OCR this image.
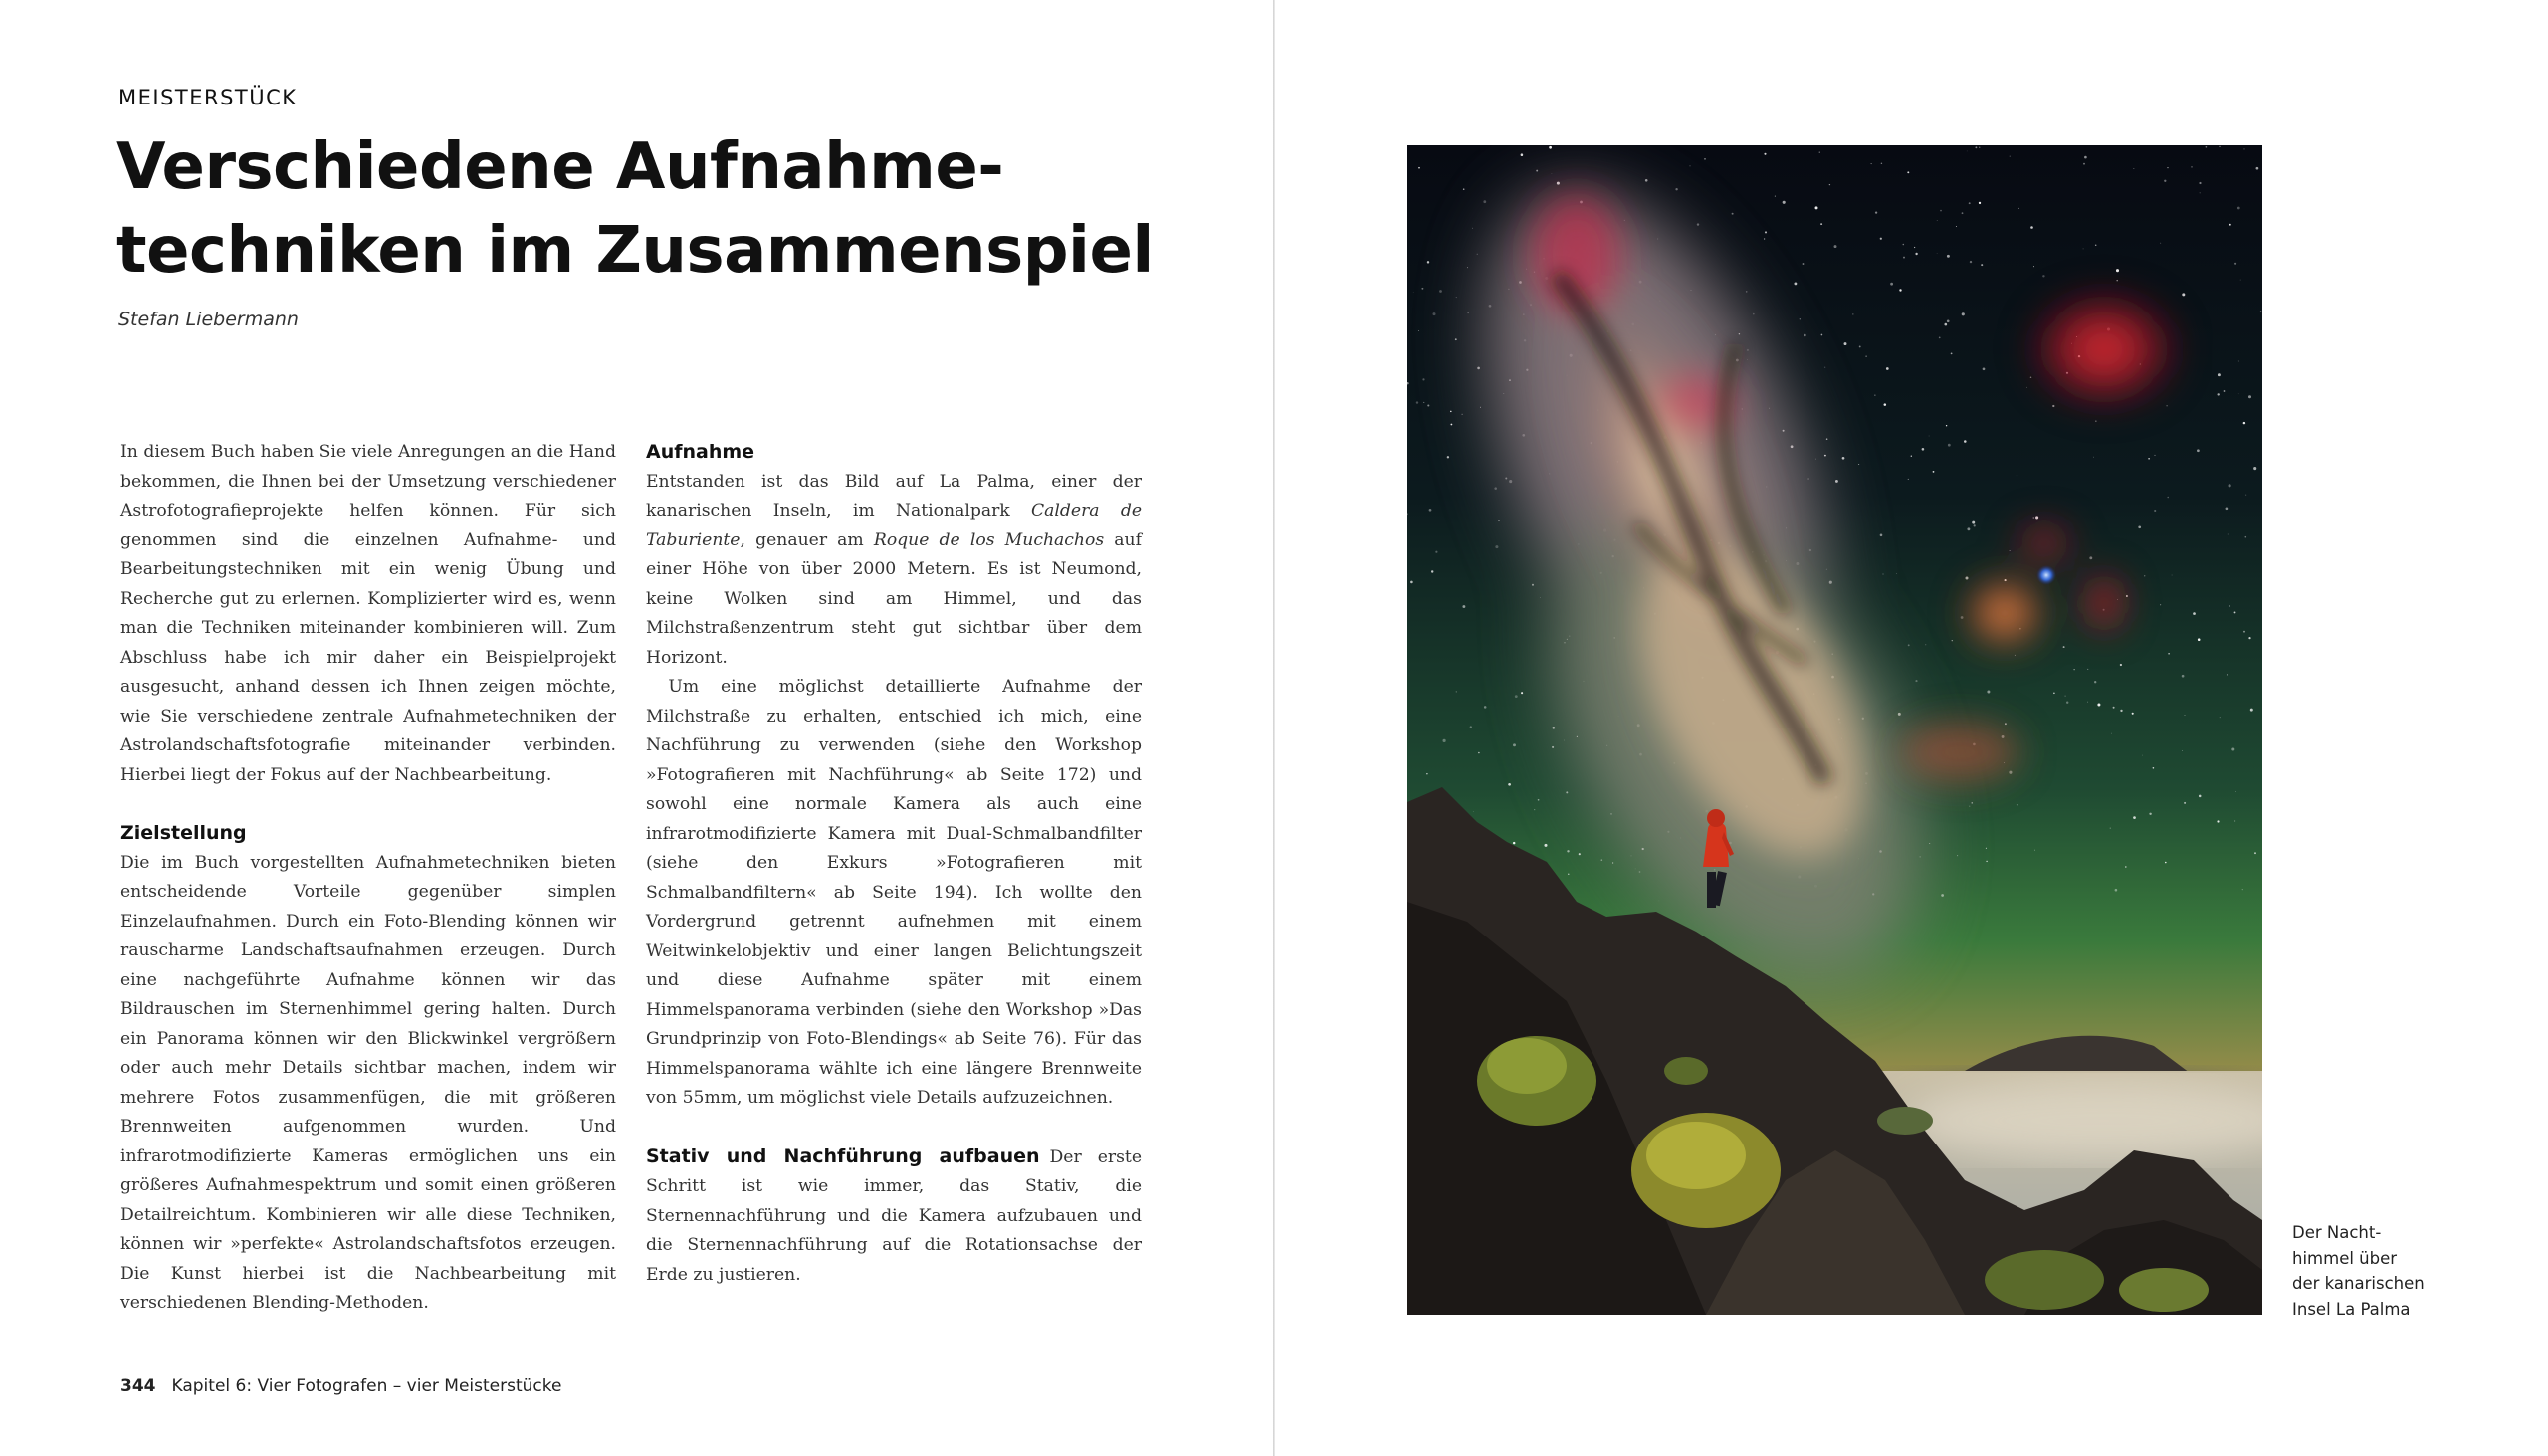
MEISTERSTÜCK
Verschiedene Aufnahme-
techniken im Zusammenspiel
Stefan Liebermann

In diesem Buch haben Sie viele Anregungen an die Hand bekommen, die Ihnen bei der Umsetzung verschiedener Astrofotografieprojekte helfen können. Für sich genommen sind die einzelnen Aufnahme- und Bearbeitungstechniken mit ein wenig Übung und Recherche gut zu erlernen. Komplizierter wird es, wenn man die Techniken miteinander kombinieren will. Zum Abschluss habe ich mir daher ein Beispielprojekt ausgesucht, anhand dessen ich Ihnen zeigen möchte, wie Sie verschiedene zentrale Aufnahmetechniken der Astrolandschaftsfotografie miteinander verbinden. Hierbei liegt der Fokus auf der Nachbearbeitung.

Zielstellung

Die im Buch vorgestellten Aufnahmetechniken bieten entscheidende Vorteile gegenüber simplen Einzelaufnahmen. Durch ein Foto-Blending können wir rauscharme Landschaftsaufnahmen erzeugen. Durch eine nachgeführte Aufnahme können wir das Bildrauschen im Sternenhimmel gering halten. Durch ein Panorama können wir den Blickwinkel vergrößern oder auch mehr Details sichtbar machen, indem wir mehrere Fotos zusammenfügen, die mit größeren Brennweiten aufgenommen wurden. Und infrarotmodifizierte Kameras ermöglichen uns ein größeres Aufnahmespektrum und somit einen größeren Detailreichtum. Kombinieren wir alle diese Techniken, können wir »perfekte« Astrolandschaftsfotos erzeugen. Die Kunst hierbei ist die Nachbearbeitung mit verschiedenen Blending-Methoden.

Aufnahme

Entstanden ist das Bild auf La Palma, einer der kanarischen Inseln, im Nationalpark Caldera de Taburiente, genauer am Roque de los Muchachos auf einer Höhe von über 2000 Metern. Es ist Neumond, keine Wolken sind am Himmel, und das Milchstraßenzentrum steht gut sichtbar über dem Horizont.

Um eine möglichst detaillierte Aufnahme der Milchstraße zu erhalten, entschied ich mich, eine Nachführung zu verwenden (siehe den Workshop »Fotografieren mit Nachführung« ab Seite 172) und sowohl eine normale Kamera als auch eine infrarotmodifizierte Kamera mit Dual-Schmalbandfilter (siehe den Exkurs »Fotografieren mit Schmalbandfiltern« ab Seite 194). Ich wollte den Vordergrund getrennt aufnehmen mit einem Weitwinkelobjektiv und einer langen Belichtungszeit und diese Aufnahme später mit einem Himmelspanorama verbinden (siehe den Workshop »Das Grundprinzip von Foto-Blendings« ab Seite 76). Für das Himmelspanorama wählte ich eine längere Brennweite von 55mm, um möglichst viele Details aufzuzeichnen.

Stativ und Nachführung aufbauen Der erste Schritt ist wie immer, das Stativ, die Sternennachführung und die Kamera aufzubauen und die Sternennachführung auf die Rotationsachse der Erde zu justieren.

344 Kapitel 6: Vier Fotografen – vier Meisterstücke
Der Nacht-
himmel über
der kanarischen
Insel La Palma
